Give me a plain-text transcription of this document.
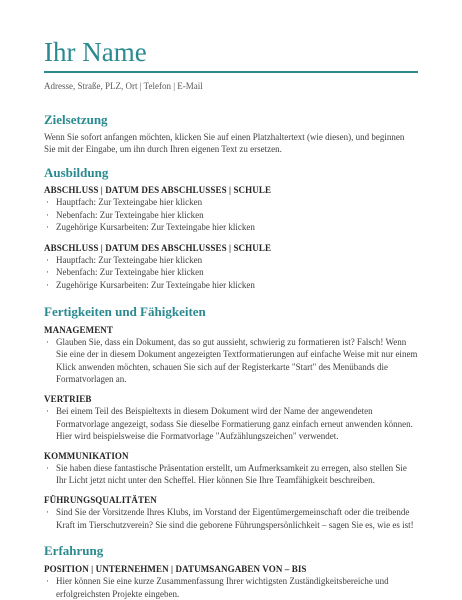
Ihr Name
Adresse, Straße, PLZ, Ort | Telefon | E-Mail
Zielsetzung

Wenn Sie sofort anfangen möchten, klicken Sie auf einen Platzhaltertext (wie diesen), und beginnen Sie mit der Eingabe, um ihn durch Ihren eigenen Text zu ersetzen.

Ausbildung

ABSCHLUSS | DATUM DES ABSCHLUSSES | SCHULE

· Hauptfach: Zur Texteingabe hier klicken
· Nebenfach: Zur Texteingabe hier klicken
· Zugehörige Kursarbeiten: Zur Texteingabe hier klicken

ABSCHLUSS | DATUM DES ABSCHLUSSES | SCHULE

· Hauptfach: Zur Texteingabe hier klicken
· Nebenfach: Zur Texteingabe hier klicken
· Zugehörige Kursarbeiten: Zur Texteingabe hier klicken
Fertigkeiten und Fähigkeiten

MANAGEMENT

· Glauben Sie, dass ein Dokument, das so gut aussieht, schwierig zu formatieren ist? Falsch! Wenn Sie eine der in diesem Dokument angezeigten Textformatierungen auf einfache Weise mit nur einem Klick anwenden möchten, schauen Sie sich auf der Registerkarte "Start" des Menübands die Formatvorlagen an.

VERTRIEB

· Bei einem Teil des Beispieltexts in diesem Dokument wird der Name der angewendeten Formatvorlage angezeigt, sodass Sie dieselbe Formatierung ganz einfach erneut anwenden können. Hier wird beispielsweise die Formatvorlage "Aufzählungszeichen" verwendet.

KOMMUNIKATION

· Sie haben diese fantastische Präsentation erstellt, um Aufmerksamkeit zu erregen, also stellen Sie Ihr Licht jetzt nicht unter den Scheffel. Hier können Sie Ihre Teamfähigkeit beschreiben.

FÜHRUNGSQUALITÄTEN

· Sind Sie der Vorsitzende Ihres Klubs, im Vorstand der Eigentümergemeinschaft oder die treibende Kraft im Tierschutzverein? Sie sind die geborene Führungspersönlichkeit – sagen Sie es, wie es ist!
Erfahrung

POSITION | UNTERNEHMEN | DATUMSANGABEN VON – BIS

· Hier können Sie eine kurze Zusammenfassung Ihrer wichtigsten Zuständigkeitsbereiche und erfolgreichsten Projekte eingeben.
